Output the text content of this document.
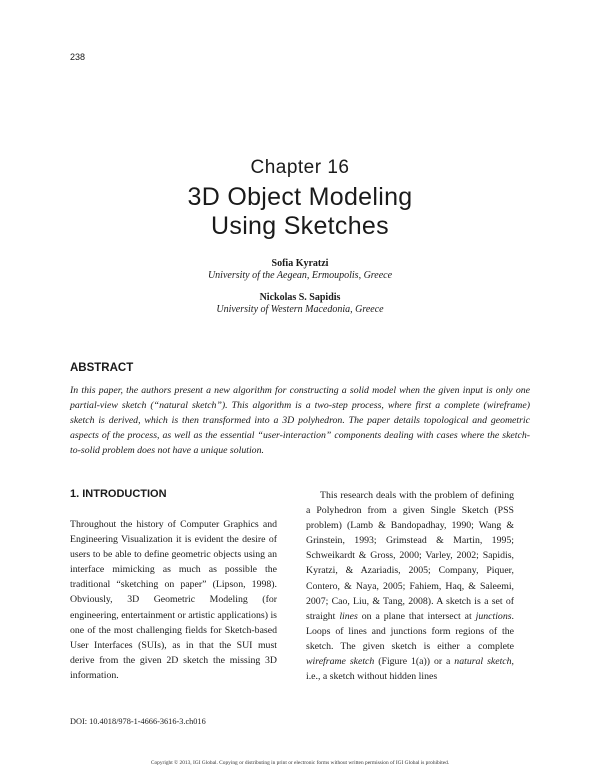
238
Chapter 16
3D Object Modeling
Using Sketches
Sofia Kyratzi
University of the Aegean, Ermoupolis, Greece
Nickolas S. Sapidis
University of Western Macedonia, Greece
ABSTRACT
In this paper, the authors present a new algorithm for constructing a solid model when the given input is only one partial-view sketch (“natural sketch”). This algorithm is a two-step process, where first a complete (wireframe) sketch is derived, which is then transformed into a 3D polyhedron. The paper details topological and geometric aspects of the process, as well as the essential “user-interaction” components dealing with cases where the sketch-to-solid problem does not have a unique solution.
1. INTRODUCTION

Throughout the history of Computer Graphics and Engineering Visualization it is evident the desire of users to be able to define geometric objects using an interface mimicking as much as possible the traditional “sketching on paper” (Lipson, 1998). Obviously, 3D Geometric Modeling (for engineering, entertainment or artistic applications) is one of the most challenging fields for Sketch-based User Interfaces (SUIs), as in that the SUI must derive from the given 2D sketch the missing 3D information.

This research deals with the problem of defining a Polyhedron from a given Single Sketch (PSS problem) (Lamb & Bandopadhay, 1990; Wang & Grinstein, 1993; Grimstead & Martin, 1995; Schweikardt & Gross, 2000; Varley, 2002; Sapidis, Kyratzi, & Azariadis, 2005; Company, Piquer, Contero, & Naya, 2005; Fahiem, Haq, & Saleemi, 2007; Cao, Liu, & Tang, 2008). A sketch is a set of straight lines on a plane that intersect at junctions. Loops of lines and junctions form regions of the sketch. The given sketch is either a complete wireframe sketch (Figure 1(a)) or a natural sketch, i.e., a sketch without hidden lines

DOI: 10.4018/978-1-4666-3616-3.ch016
Copyright © 2013, IGI Global. Copying or distributing in print or electronic forms without written permission of IGI Global is prohibited.
